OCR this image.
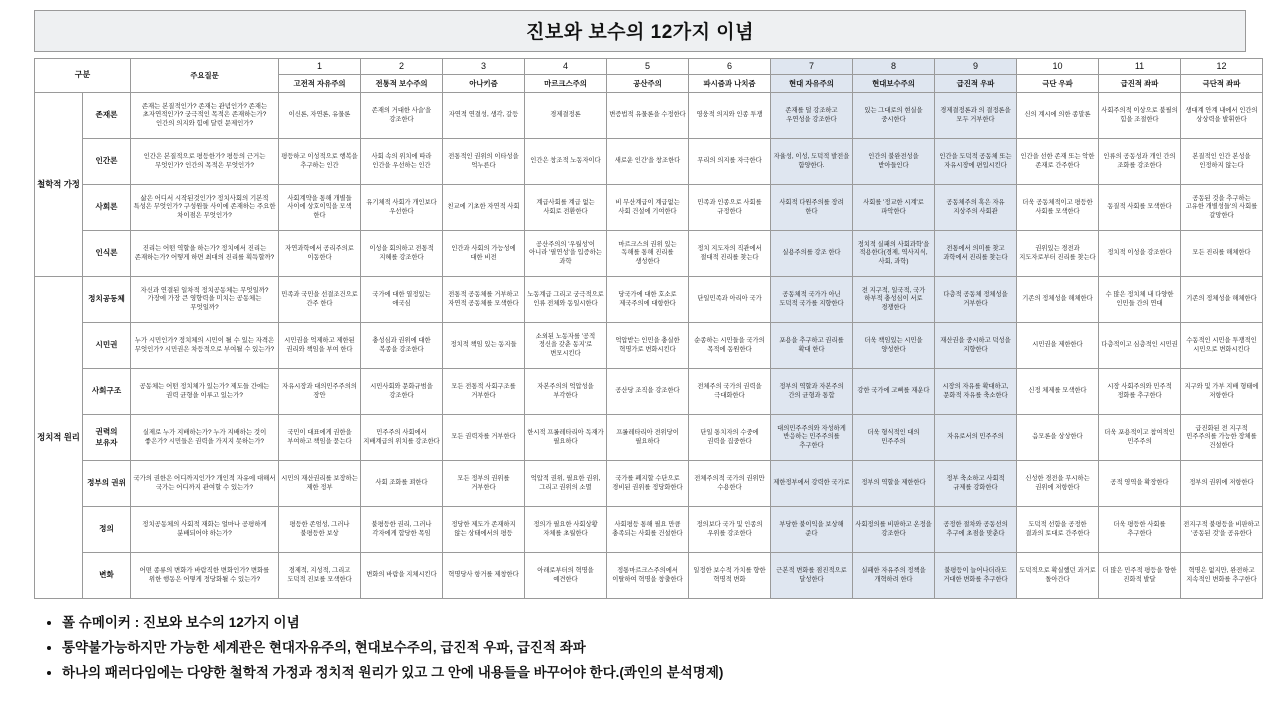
진보와 보수의 12가지 이념
구분		주요질문	1	2	3	4	5	6	7	8	9	10	11	12
			고전적 자유주의	전통적 보수주의	아나키즘	마르크스주의	공산주의	파시즘과 나치즘	현대 자유주의	현대보수주의	급진적 우파	극단 우파	급진적 좌파	극단적 좌파
철학적 가정	존재론	존재는 본질적인가? 존재는 관념인가? 존재는 초자연적인가? 궁극적인 목적은 존재하는가? 인간의 의지와 힘에 달린 문제인가?	이신론, 자연론, 유물론	존재의 거대한 사슬'을 강조한다	자연적 연결성, 생각, 갈등	경제결정론	변증법적 유물론을 수정한다	영웅적 의지와 인종 투쟁	존재를 덜 강조하고 우연성을 강조한다	있는 그대로의 현실을 중시한다	경제결정론과 의 결정론을 모두 거부한다	신의 계시에 의한 종말론	사회주의적 이상으로 불필의 힘을 조절한다	생대계 안계 내에서 인간의 상상력을 발휘한다
	인간론	인간은 본질적으로 평등한가? 평등의 근거는 무엇인가? 인간의 목적은 무엇인가?	평등하고 이성적으로 행복을 추구하는 인간	사회 속의 위치에 따라 인간을 우선하는 인간	전통적인 권위의 이타성을 억누른다	인간은 창조적 노동자이다	새로운 인간'을 창조한다	무리의 의지를 자극한다	자율성, 이성, 도덕적 발전을 함양한다.	인간의 불완전성을 받아들인다	인간을 도덕적 공동체 또는 자유시장에 편입시킨다	인간을 선한 존재 또는 악한 존재로 간주한다	인류의 공동성과 개인 간의 조화를 강조한다	본질적인 인간 본성을 인정하지 않는다
	사회론	삶은 어디서 시작된것인가? 정치사회의 기본적 특성은 무엇인가? 구성원들 사이에 존재하는 주요한 차이점은 무엇인가?	사회계약을 통해 개별들 사이에 상호이익을 모색 한다	유기체적 사회가 개인보다 우선한다	친교에 기초한 자연적 사회	계급사회를 계급 없는 사회로 전환한다	비 무산계급이 계급없는 사회 건설에 기여한다	민족과 인종으로 사회를 규정한다	사회적 다원주의를 장려 한다	사회를 '정교한 시계'로 파악한다	공동체주의 혹은 자유 지상주의 사회관	더욱 공동체적이고 평등한 사회를 모색한다	동질적 사회를 모색한다	공동된 것을 추구하는 고유한 개별성들'의 사회를 갈망한다
	인식론	진리는 어떤 역할을 하는가? 정치에서 진리는 존재하는가? 어떻게 하면 최대의 진리를 획득할까?	자연과학에서 공리주의로 이동한다	이성을 회의하고 전통적 지혜를 강조한다	인간과 사회의 가능성에 대한 비전	공산주의의 '우월성'이 아니라 '필연성'을 입증하는 과학	마르크스의 권위 있는 독해를 통해 진리를 생성한다	정치 지도자의 직관에서 절대적 진리를 찾는다	실용주의를 강조 한다	정치적 실패의 사회과학'을 적용한다(경제, 역사지식, 사회, 과학)	전통에서 의미를 찾고 과학에서 진리를 찾는다	권위있는 경전과 지도자로부터 진리를 찾는다	정치적 이성을 강조한다	모든 진리를 해체한다
정치적 원리	정치공동체	자신과 연결된 일차적 정치공동체는 무엇일까?가장에 가장 큰 영향력을 미치는 공동체는 무엇일까?	민족과 국민을 선결조건으로 간주 한다	국가에 대한 열정있는 애국심	전통적 공동체를 거부하고 자연적 공동체를 모색한다	노동계급 그리고 궁극적으로 인류 전체와 동일시한다	당국가에 대한 호소로 제국주의에 대항한다	단일민족과 아리아 국가	공동체적 국가가 아닌 도덕적 국가를 지향한다	전 지구적, 일국적, 국가 하부적 충성심이 서로 경쟁한다	다층적 공동체 정체성을 거부한다	기존의 정체성을 해체한다	수 많은 정치체 내 다양한 인민들 간의 연대	기존의 정체성을 해체한다
	시민권	누가 시민인가? 정치체의 시민이 될 수 있는 자격은 무엇인가? 시민권은 차등적으로 부여될 수 있는가?	시민권을 억제하고 제한된 권리와 책임을 부여 한다	충성심과 권위에 대한 복종을 강조한다	정치적 책임 있는 동지들	소외된 노동자를 '공적 정신을 갖춘 동지'로 변모시킨다	억압받는 인민을 충실한 혁명가로 변화시킨다	순종하는 시민들을 국가의 목적에 동원한다	포용을 추구하고 권리를 확대 한다	더욱 책임있는 시민을 양성한다	재산권을 중시하고 덕성을 지향한다	시민권을 제한한다	다층적이고 심층적인 시민권	수동적인 시민을 투쟁적인 시민으로 변화시킨다
	사회구조	공동체는 어떤 정치체가 있는가? 제도들 간에는 권력 균형을 이루고 있는가?	자유시장과 대의민주주의의 장안	시민사회와 문화규범을 강조한다	모든 전통적 사회구조를 거부한다	자본주의의 억압성을 부각한다	공산당 조직을 강조한다	전체주의 국가의 권력을 극대화한다	정부의 역할과 자본주의 간의 균형과 통합	강한 국가에 고삐를 재운다	시장의 자유를 확대하고, 문화적 자유를 축소한다	신정 체제를 모색한다	시장 사회주의와 민주적 정화를 추구한다	지구와 및 가부 지배 형태에 저항한다
	권력의 보유자	실제로 누가 지배하는가? 누가 지배하는 것이 좋은가? 시민들은 권력을 가지지 못하는가?	국민이 대표에게 권한을 부여하고 책임을 묻는다	민주주의 사회에서 지배계급의 위치를 강조한다	모든 권력자를 거부한다	한시적 프롤레타리아 독재가 필요하다	프롤레타리아 전위당이 필요하다	단일 통치자의 수중에 권력을 집중한다	대의민주주의와 자성하게 반응하는 민주주의를 추구한다	더욱 형식적인 대의 민주주의	자유로서의 민주주의	음모론을 상상한다	더욱 포용적이고 참여적인 민주주의	급진화된 전 지구적 민주주의를 가능한 장체를 건설한다
	정부의 권위	국가의 권한은 어디까지인가? 개인적 자유에 대해서 국가는 어디까지 관여할 수 있는가?	시민의 재산권리를 보장하는 제한 정부	사회 조화를 꾀한다	모든 정부의 권위를 거부한다	억압적 권위, 필요한 권위, 그리고 권위의 소멸	국가를 폐지할 수단으로 경비된 권위를 정당화한다	전체주의적 국가의 권위만 수용한다	제한정부에서 강력한 국가로	정부의 역할을 제한한다	정부 축소하고 사회적 규제를 강화한다	신성한 경전을 무시하는 권위에 저항한다	공적 영역을 확장한다	정부의 권위에 저항한다
	정의	정치공동체의 사회적 재화는 얼마나 공평하게 분배되어야 하는가?	평등한 존엄성, 그러나 불평등한 보상	불평등한 권리, 그러나 각자에게 합당한 목임	정당한 제도가 존재하지 않는 상태에서의 평등	정의가 필요한 사회상황 자체를 초월한다	사회평등 통해 필요 만큼 충족되는 사회를 건설한다	정의보다 국가 및 인종의 우위를 강조한다	부당한 불이익을 보상해 준다	사회정의를 비판하고 온정을 강조한다	공정한 절차와 공동선의 추구에 초점을 맞춘다	도덕적 선함을 공정한 결과의 토대로 간주한다	더욱 평등한 사회를 추구한다	전지구적 불평등을 비판하고 '공동된 것'을 공유한다
	변화	어떤 종류의 변화가 바람직한 변화인가? 변화를 위한 행동은 어떻게 정당화될 수 있는가?	경제적, 지성적, 그리고 도덕적 진보를 모색한다	변화의 바람을 지체시킨다	혁명당사 항거를 제창한다	아래로부터의 혁명을 예견한다	정통마르크스주의에서 이탈하여 혁명을 창출한다	일정한 보수적 가치를 향한 혁명적 변화	근본적 변화를 점진적으로 달성한다	실패한 자유주의 정책을 개혁하려 한다	불평등이 늘어나더라도 거대한 변화를 추구한다	도덕적으로 확실했던 과거로 돌아간다	더 많은 민주적 평등을 향한 진화적 발달	혁명은 없지만, 완전하고 지속적인 변화를 추구한다
• 폴 슈메이커 : 진보와 보수의 12가지 이념
• 통약불가능하지만 가능한 세계관은 현대자유주의, 현대보수주의, 급진적 우파, 급진적 좌파
• 하나의 패러다임에는 다양한 철학적 가정과 정치적 원리가 있고 그 안에 내용들을 바꾸어야 한다.(콰인의 분석명제)
